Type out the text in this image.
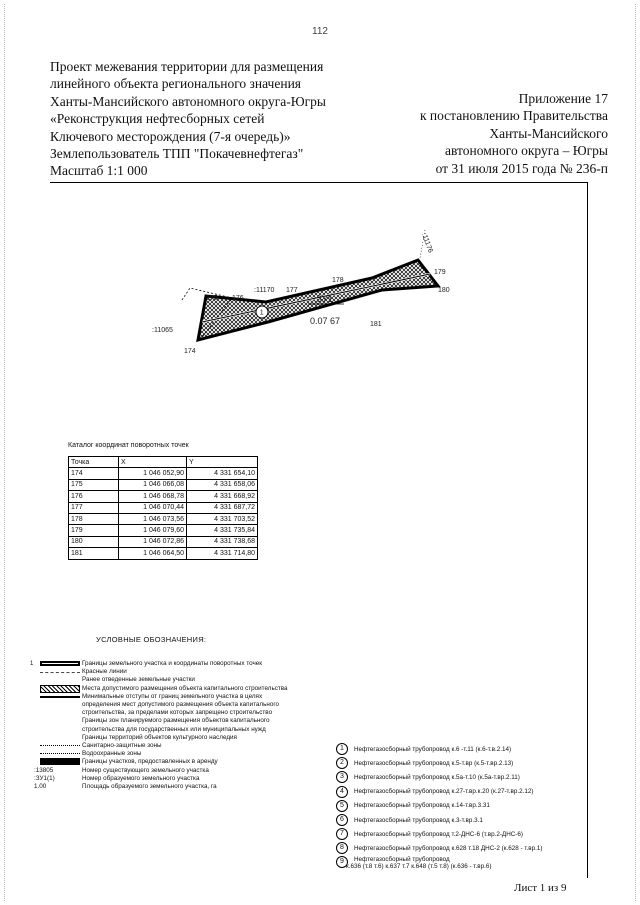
112
Проект межевания территории для размещения
линейного объекта регионального значения
Ханты-Мансийского автономного округа-Югры
«Реконструкция нефтесборных сетей
Ключевого месторождения (7-я очередь)»
Землепользователь ТПП "Покачевнефтегаз"
Масштаб 1:1 000
Приложение 17
к постановлению Правительства
Ханты-Мансийского
автономного округа – Югры
от 31 июля 2015 года № 236-п
1
174
175 176
177
178
179
180
181
:11065
:11170
:11176
:ЗУ1
0.07 67
Каталог координат поворотных точек
Точка	X	Y
174	1 046 052,90	4 331 654,10
175	1 046 066,08	4 331 658,06
176	1 046 068,78	4 331 668,92
177	1 046 070,44	4 331 687,72
178	1 046 073,56	4 331 703,52
179	1 046 079,60	4 331 735,84
180	1 046 072,86	4 331 738,68
181	1 046 064,50	4 331 714,80
УСЛОВНЫЕ ОБОЗНАЧЕНИЯ:
1	Границы земельного участка и координаты поворотных точек
Красные линии
Ранее отведенные земельные участки
Места допустимого размещения объекта капитального строительства
Минимальные отступы от границ земельного участка в целях определения мест допустимого размещения объекта капитального строительства, за пределами которых запрещено строительство
Границы зон планируемого размещения объектов капитального строительства для государственных или муниципальных нужд
Границы территорий объектов культурного наследия
Санитарно-защитные зоны
Водоохранные зоны
Границы участков, предоставленных в аренду
:13805	Номер существующего земельного участка
:ЗУ1(1)	Номер образуемого земельного участка
1.00	Площадь образуемого земельного участка, га
1	Нефтегазосборный трубопровод к.6 -т.11 (к.6-т.в.2.14)
2	Нефтегазосборный трубопровод к.5-т.вр (к.5-т.вр.2.13)
3	Нефтегазосборный трубопровод к.5а-т.10 (к.5а-т.вр.2.11)
4	Нефтегазосборный трубопровод к.27-т.вр.к.20 (к.27-т.вр.2.12)
5	Нефтегазосборный трубопровод к.14-т.вр.3.31
6	Нефтегазосборный трубопровод к.3-т.вр.3.1
7	Нефтегазосборный трубопровод т.2-ДНС-6 (т.вр.2-ДНС-6)
8	Нефтегазосборный трубопровод к.628 т.18 ДНС-2 (к.628 - т.вр.1)
9	Нефтегазосборный трубопровод
к.636 (т.8 т.6) к.637 т.7 к.648 (т.5 т.8) (к.636 - т.вр.6)
Лист 1 из 9
